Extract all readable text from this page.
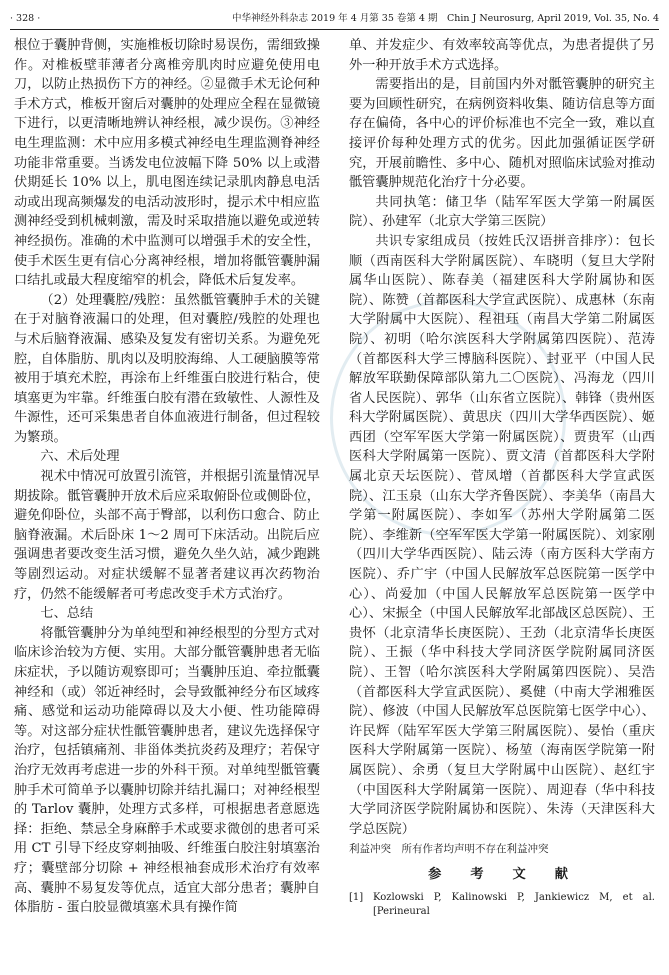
· 328 ·	中华神经外科杂志 2019 年 4 月第 35 卷第 4 期　Chin J Neurosurg, April 2019, Vol. 35, No. 4

根位于囊肿背侧，实施椎板切除时易误伤，需细致操作。对椎板壁菲薄者分离椎旁肌肉时应避免使用电刀，以防止热损伤下方的神经。②显微手术无论何种手术方式，椎板开窗后对囊肿的处理应全程在显微镜下进行，以更清晰地辨认神经根，减少误伤。③神经电生理监测：术中应用多模式神经电生理监测脊神经功能非常重要。当诱发电位波幅下降 50% 以上或潜伏期延长 10% 以上，肌电图连续记录肌肉静息电活动或出现高频爆发的电活动波形时，提示术中相应监测神经受到机械刺激，需及时采取措施以避免或逆转神经损伤。准确的术中监测可以增强手术的安全性，使手术医生更有信心分离神经根，增加将骶管囊肿漏口结扎或最大程度缩窄的机会，降低术后复发率。

（2）处理囊腔/残腔：虽然骶管囊肿手术的关键在于对脑脊液漏口的处理，但对囊腔/残腔的处理也与术后脑脊液漏、感染及复发有密切关系。为避免死腔，自体脂肪、肌肉以及明胶海绵、人工硬脑膜等常被用于填充术腔，再涂布上纤维蛋白胶进行粘合，使填塞更为牢靠。纤维蛋白胶有潜在致敏性、人源性及牛源性，还可采集患者自体血液进行制备，但过程较为繁琐。

六、术后处理

视术中情况可放置引流管，并根据引流量情况早期拔除。骶管囊肿开放术后应采取俯卧位或侧卧位，避免仰卧位，头部不高于臀部，以利伤口愈合、防止脑脊液漏。术后卧床 1～2 周可下床活动。出院后应强调患者要改变生活习惯，避免久坐久站，减少跑跳等剧烈运动。对症状缓解不显著者建议再次药物治疗，仍然不能缓解者可考虑改变手术方式治疗。

七、总结

将骶管囊肿分为单纯型和神经根型的分型方式对临床诊治较为方便、实用。大部分骶管囊肿患者无临床症状，予以随访观察即可；当囊肿压迫、牵拉骶囊神经和（或）邻近神经时，会导致骶神经分布区域疼痛、感觉和运动功能障碍以及大小便、性功能障碍等。对这部分症状性骶管囊肿患者，建议先选择保守治疗，包括镇痛剂、非甾体类抗炎药及理疗；若保守治疗无效再考虑进一步的外科干预。对单纯型骶管囊肿手术可简单予以囊肿切除并结扎漏口；对神经根型的 Tarlov 囊肿，处理方式多样，可根据患者意愿选择：拒绝、禁忌全身麻醉手术或要求微创的患者可采用 CT 引导下经皮穿刺抽吸、纤维蛋白胶注射填塞治疗；囊壁部分切除 + 神经根袖套成形术治疗有效率高、囊肿不易复发等优点，适宜大部分患者；囊肿自体脂肪 - 蛋白胶显微填塞术具有操作简

单、并发症少、有效率较高等优点，为患者提供了另外一种开放手术方式选择。

需要指出的是，目前国内外对骶管囊肿的研究主要为回顾性研究，在病例资料收集、随访信息等方面存在偏倚，各中心的评价标准也不完全一致，难以直接评价每种处理方式的优劣。因此加强循证医学研究，开展前瞻性、多中心、随机对照临床试验对推动骶管囊肿规范化治疗十分必要。

共同执笔：储卫华（陆军军医大学第一附属医院）、孙建军（北京大学第三医院）

共识专家组成员（按姓氏汉语拼音排序）：包长顺（西南医科大学附属医院）、车晓明（复旦大学附属华山医院）、陈春美（福建医科大学附属协和医院）、陈赞（首都医科大学宣武医院）、成惠林（东南大学附属中大医院）、程祖珏（南昌大学第二附属医院）、初明（哈尔滨医科大学附属第四医院）、范涛（首都医科大学三博脑科医院）、封亚平（中国人民解放军联勤保障部队第九二〇医院）、冯海龙（四川省人民医院）、郭华（山东省立医院）、韩锋（贵州医科大学附属医院）、黄思庆（四川大学华西医院）、姬西团（空军军医大学第一附属医院）、贾贵军（山西医科大学附属第一医院）、贾文清（首都医科大学附属北京天坛医院）、菅凤增（首都医科大学宣武医院）、江玉泉（山东大学齐鲁医院）、李美华（南昌大学第一附属医院）、李如军（苏州大学附属第二医院）、李维新（空军军医大学第一附属医院）、刘家刚（四川大学华西医院）、陆云涛（南方医科大学南方医院）、乔广宇（中国人民解放军总医院第一医学中心）、尚爱加（中国人民解放军总医院第一医学中心）、宋振全（中国人民解放军北部战区总医院）、王贵怀（北京清华长庚医院）、王劲（北京清华长庚医院）、王振（华中科技大学同济医学院附属同济医院）、王智（哈尔滨医科大学附属第四医院）、吴浩（首都医科大学宣武医院）、奚健（中南大学湘雅医院）、修波（中国人民解放军总医院第七医学中心）、许民辉（陆军军医大学第三附属医院）、晏怡（重庆医科大学附属第一医院）、杨堃（海南医学院第一附属医院）、余勇（复旦大学附属中山医院）、赵红宇（中国医科大学附属第一医院）、周迎春（华中科技大学同济医学院附属协和医院）、朱涛（天津医科大学总医院）

利益冲突　所有作者均声明不存在利益冲突

参　考　文　献

[1] Kozlowski P, Kalinowski P, Jankiewicz M, et al. [Perineural
